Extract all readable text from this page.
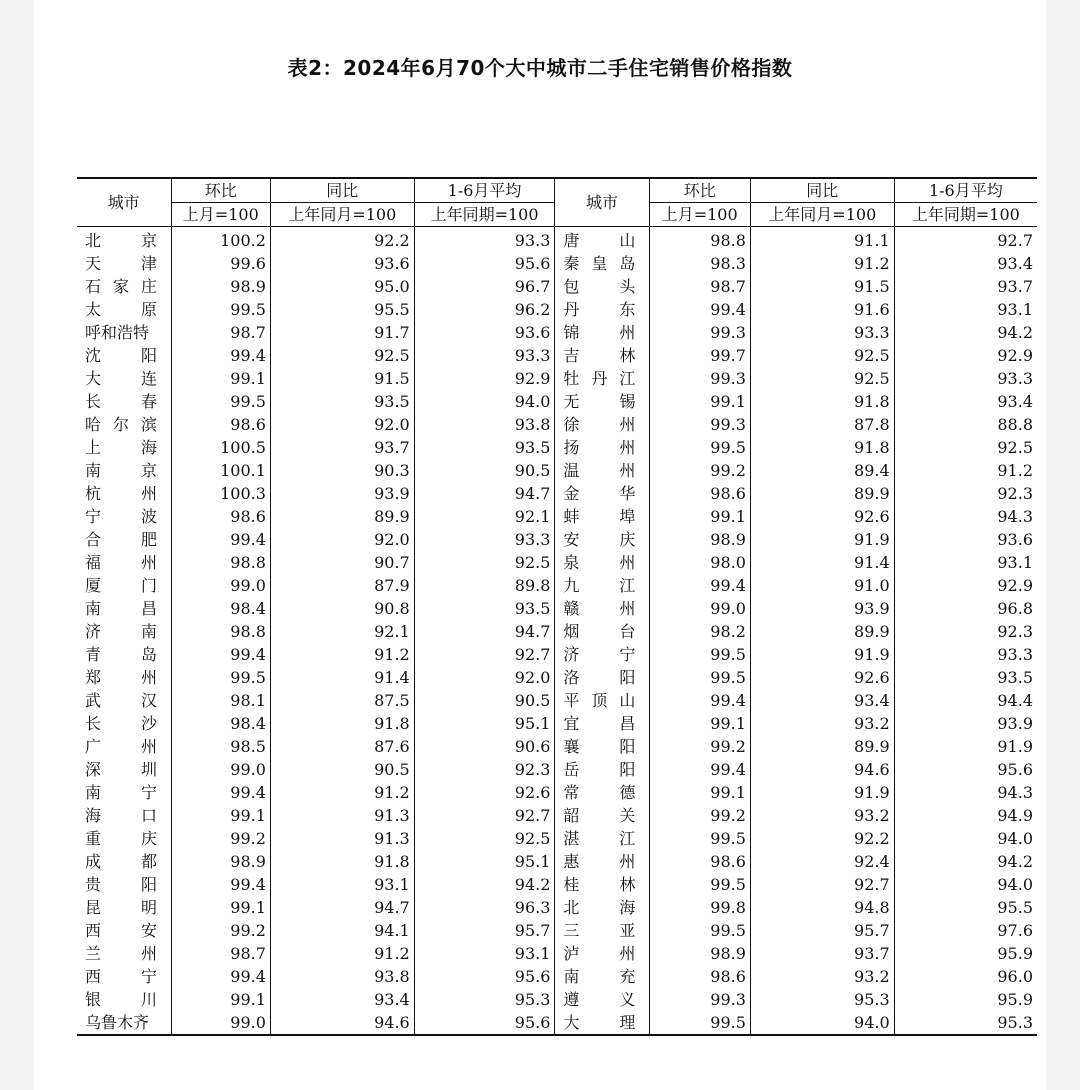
表2：2024年6月70个大中城市二手住宅销售价格指数
城市	环比	同比	1-6月平均	城市	环比	同比	1-6月平均
	上月=100	上年同月=100	上年同期=100		上月=100	上年同月=100	上年同期=100

北 京	100.2	92.2	93.3	唐 山	98.8	91.1	92.7

天 津	99.6	93.6	95.6	秦 皇 岛	98.3	91.2	93.4

石 家 庄	98.9	95.0	96.7	包 头	98.7	91.5	93.7

太 原	99.5	95.5	96.2	丹 东	99.4	91.6	93.1

呼 和 浩 特	98.7	91.7	93.6	锦 州	99.3	93.3	94.2

沈 阳	99.4	92.5	93.3	吉 林	99.7	92.5	92.9

大 连	99.1	91.5	92.9	牡 丹 江	99.3	92.5	93.3

长 春	99.5	93.5	94.0	无 锡	99.1	91.8	93.4

哈 尔 滨	98.6	92.0	93.8	徐 州	99.3	87.8	88.8

上 海	100.5	93.7	93.5	扬 州	99.5	91.8	92.5

南 京	100.1	90.3	90.5	温 州	99.2	89.4	91.2

杭 州	100.3	93.9	94.7	金 华	98.6	89.9	92.3

宁 波	98.6	89.9	92.1	蚌 埠	99.1	92.6	94.3

合 肥	99.4	92.0	93.3	安 庆	98.9	91.9	93.6

福 州	98.8	90.7	92.5	泉 州	98.0	91.4	93.1

厦 门	99.0	87.9	89.8	九 江	99.4	91.0	92.9

南 昌	98.4	90.8	93.5	赣 州	99.0	93.9	96.8

济 南	98.8	92.1	94.7	烟 台	98.2	89.9	92.3

青 岛	99.4	91.2	92.7	济 宁	99.5	91.9	93.3

郑 州	99.5	91.4	92.0	洛 阳	99.5	92.6	93.5

武 汉	98.1	87.5	90.5	平 顶 山	99.4	93.4	94.4

长 沙	98.4	91.8	95.1	宜 昌	99.1	93.2	93.9

广 州	98.5	87.6	90.6	襄 阳	99.2	89.9	91.9

深 圳	99.0	90.5	92.3	岳 阳	99.4	94.6	95.6

南 宁	99.4	91.2	92.6	常 德	99.1	91.9	94.3

海 口	99.1	91.3	92.7	韶 关	99.2	93.2	94.9

重 庆	99.2	91.3	92.5	湛 江	99.5	92.2	94.0

成 都	98.9	91.8	95.1	惠 州	98.6	92.4	94.2

贵 阳	99.4	93.1	94.2	桂 林	99.5	92.7	94.0

昆 明	99.1	94.7	96.3	北 海	99.8	94.8	95.5

西 安	99.2	94.1	95.7	三 亚	99.5	95.7	97.6

兰 州	98.7	91.2	93.1	泸 州	98.9	93.7	95.9

西 宁	99.4	93.8	95.6	南 充	98.6	93.2	96.0

银 川	99.1	93.4	95.3	遵 义	99.3	95.3	95.9

乌 鲁 木 齐	99.0	94.6	95.6	大 理	99.5	94.0	95.3
